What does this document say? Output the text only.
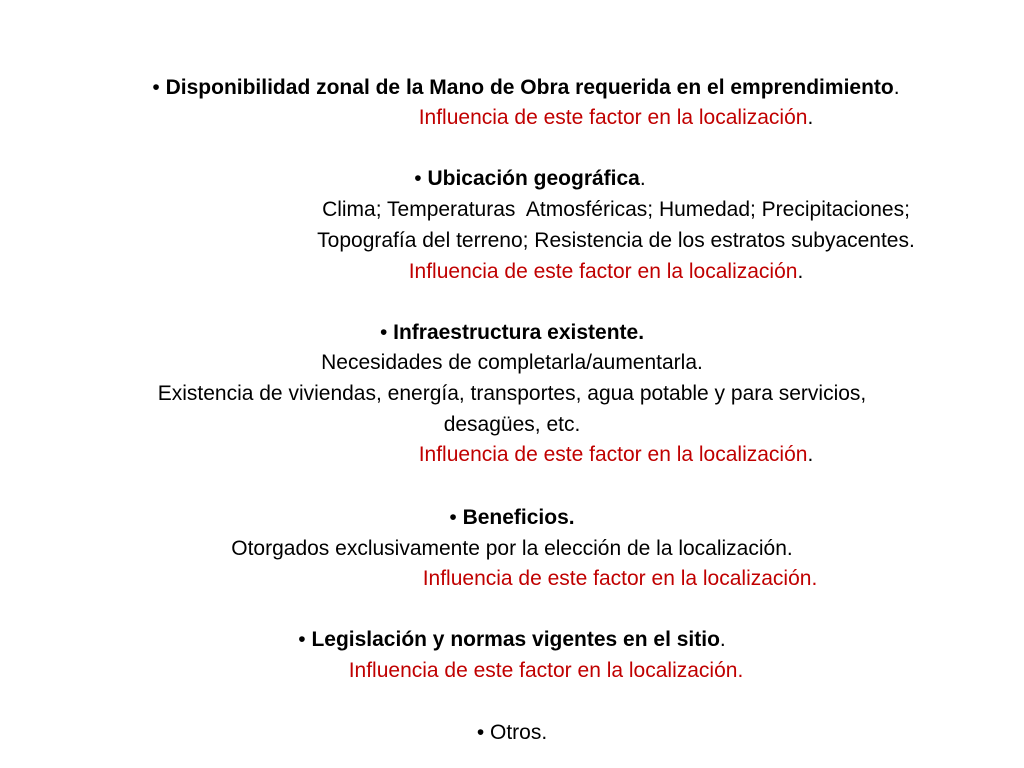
• Disponibilidad zonal de la Mano de Obra requerida en el emprendimiento.
Influencia de este factor en la localización.
• Ubicación geográfica.
Clima; Temperaturas  Atmosféricas; Humedad; Precipitaciones;
Topografía del terreno; Resistencia de los estratos subyacentes.
Influencia de este factor en la localización.
• Infraestructura existente.
Necesidades de completarla/aumentarla.
Existencia de viviendas, energía, transportes, agua potable y para servicios,
desagües, etc.
Influencia de este factor en la localización.
• Beneficios.
Otorgados exclusivamente por la elección de la localización.
Influencia de este factor en la localización.
• Legislación y normas vigentes en el sitio.
Influencia de este factor en la localización.
• Otros.
